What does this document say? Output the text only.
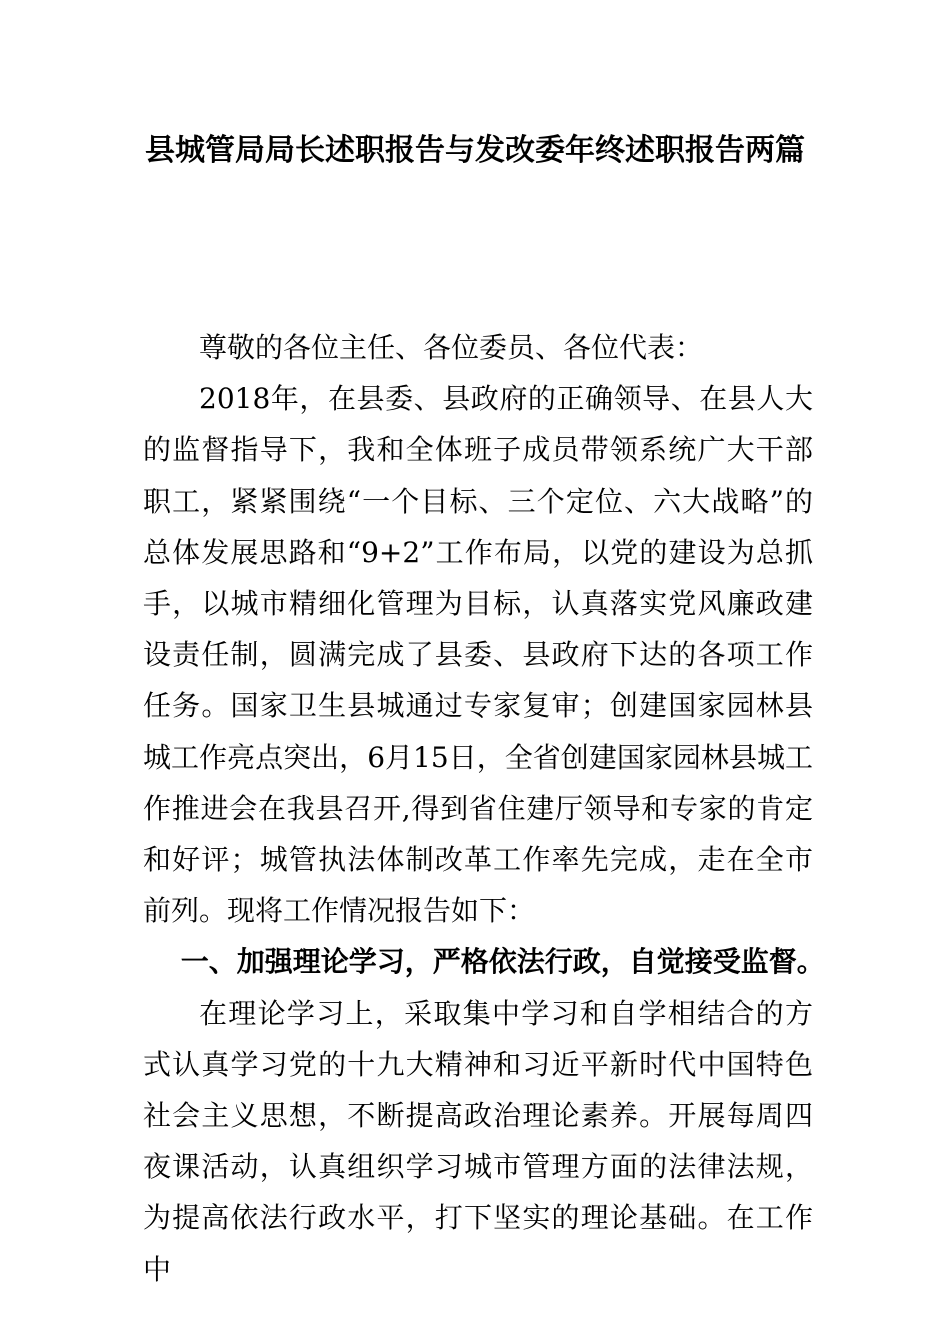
县城管局局长述职报告与发改委年终述职报告两篇

尊敬的各位主任、各位委员、各位代表：

2018年，在县委、县政府的正确领导、在县人大的监督指导下，我和全体班子成员带领系统广大干部职工，紧紧围绕“一个目标、三个定位、六大战略”的总体发展思路和“9+2”工作布局，以党的建设为总抓手，以城市精细化管理为目标，认真落实党风廉政建设责任制，圆满完成了县委、县政府下达的各项工作任务。国家卫生县城通过专家复审；创建国家园林县城工作亮点突出，6月15日，全省创建国家园林县城工作推进会在我县召开,得到省住建厅领导和专家的肯定和好评；城管执法体制改革工作率先完成，走在全市前列。现将工作情况报告如下：

一、加强理论学习，严格依法行政，自觉接受监督。

在理论学习上，采取集中学习和自学相结合的方式认真学习党的十九大精神和习近平新时代中国特色社会主义思想，不断提高政治理论素养。开展每周四夜课活动，认真组织学习城市管理方面的法律法规，为提高依法行政水平，打下坚实的理论基础。在工作中
